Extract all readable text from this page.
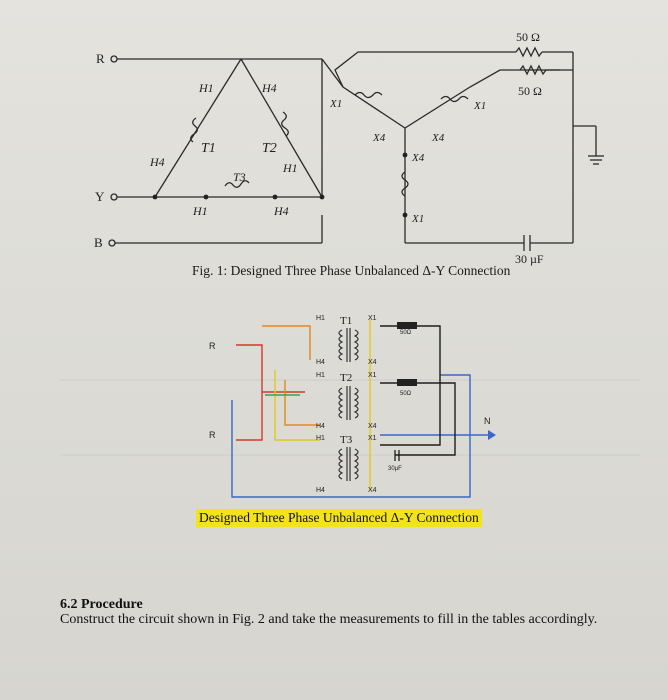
R
Y
B
H1	H4
H4	H1
H1	H4
T1	T2
T3
X1	X1
X4	X4
X4
X1
50 Ω
50 Ω
30 µF
Fig. 1: Designed Three Phase Unbalanced Δ-Y Connection
R
R
N
T1
T2
T3
H1
H4
H1
H4
H1
H4
X1
X4
X1
X4
X1
X4
50Ω
50Ω
30µF
Designed Three Phase Unbalanced Δ-Y Connection
6.2 Procedure
Construct the circuit shown in Fig. 2 and take the measurements to fill in the tables accordingly.
